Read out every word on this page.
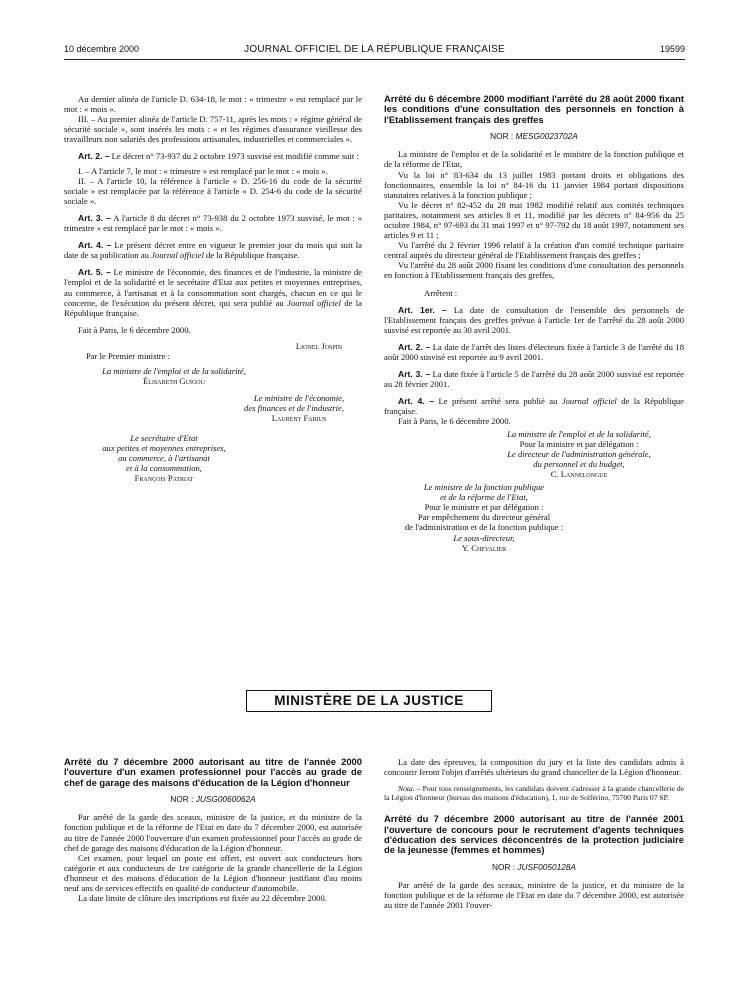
10 décembre 2000	JOURNAL OFFICIEL DE LA RÉPUBLIQUE FRANÇAISE	19599

Au dernier alinéa de l'article D. 634-18, le mot : « trimestre » est remplacé par le mot : « mois ».

III. – Au premier alinéa de l'article D. 757-11, après les mots : « régime général de sécurité sociale », sont insérés les mots : « et les régimes d'assurance vieillesse des travailleurs non salariés des professions artisanales, industrielles et commerciales ».

Art. 2. – Le décret n° 73-937 du 2 octobre 1973 susvisé est modifié comme suit :

I. – A l'article 7, le mot : « trimestre » est remplacé par le mot : « mois ».

II. – A l'article 10, la référence à l'article « D. 256-16 du code de la sécurité sociale » est remplacée par la référence à l'article « D. 254-6 du code de la sécurité sociale ».

Art. 3. – A l'article 8 du décret n° 73-938 du 2 octobre 1973 susvisé, le mot : « trimestre » est remplacé par le mot : « mois ».

Art. 4. – Le présent décret entre en vigueur le premier jour du mois qui suit la date de sa publication au Journal officiel de la République française.

Art. 5. – Le ministre de l'économie, des finances et de l'industrie, la ministre de l'emploi et de la solidarité et le secrétaire d'Etat aux petites et moyennes entreprises, au commerce, à l'artisanat et à la consommation sont chargés, chacun en ce qui le concerne, de l'exécution du présent décret, qui sera publié au Journal officiel de la République française.

Fait à Paris, le 6 décembre 2000.

Lionel Jospin
Par le Premier ministre :
La ministre de l'emploi et de la solidarité,
Élisabeth Guigou
Le ministre de l'économie,
des finances et de l'industrie,
Laurent Fabius
Le secrétaire d'Etat
aux petites et moyennes entreprises,
au commerce, à l'artisanat
et à la consommation,
François Patriat
Arrêté du 6 décembre 2000 modifiant l'arrêté du 28 août 2000 fixant les conditions d'une consultation des personnels en fonction à l'Etablissement français des greffes
NOR : MESG0023702A

La ministre de l'emploi et de la solidarité et le ministre de la fonction publique et de la réforme de l'Etat,

Vu la loi n° 83-634 du 13 juillet 1983 portant droits et obligations des fonctionnaires, ensemble la loi n° 84-16 du 11 janvier 1984 portant dispositions statutaires relatives à la fonction publique ;

Vu le décret n° 82-452 du 28 mai 1982 modifié relatif aux comités techniques paritaires, notamment ses articles 8 et 11, modifié par les décrets n° 84-956 du 25 octobre 1984, n° 97-693 du 31 mai 1997 et n° 97-792 du 18 août 1997, notamment ses articles 9 et 11 ;

Vu l'arrêté du 2 février 1996 relatif à la création d'un comité technique paritaire central auprès du directeur général de l'Etablissement français des greffes ;

Vu l'arrêté du 28 août 2000 fixant les conditions d'une consultation des personnels en fonction à l'Etablissement français des greffes,

Arrêtent :

Art. 1er. – La date de consultation de l'ensemble des personnels de l'Etablissement français des greffes prévue à l'article 1er de l'arrêté du 28 août 2000 susvisé est reportée au 30 avril 2001.

Art. 2. – La date de l'arrêt des listes d'électeurs fixée à l'article 3 de l'arrêté du 18 août 2000 susvisé est reportée au 9 avril 2001.

Art. 3. – La date fixée à l'article 5 de l'arrêté du 28 août 2000 susvisé est reportée au 28 février 2001.

Art. 4. – Le présent arrêté sera publié au Journal officiel de la République française.

Fait à Paris, le 6 décembre 2000.

La ministre de l'emploi et de la solidarité,
Pour la ministre et par délégation :
Le directeur de l'administration générale,
du personnel et du budget,
C. Lannelongue
Le ministre de la fonction publique
et de la réforme de l'Etat,
Pour le ministre et par délégation :
Par empêchement du directeur général
de l'administration et de la fonction publique :
Le sous-directeur,
Y. Chevalier
MINISTÈRE DE LA JUSTICE
Arrêté du 7 décembre 2000 autorisant au titre de l'année 2000 l'ouverture d'un examen professionnel pour l'accès au grade de chef de garage des maisons d'éducation de la Légion d'honneur
NOR : JUSG0060062A

Par arrêté de la garde des sceaux, ministre de la justice, et du ministre de la fonction publique et de la réforme de l'Etat en date du 7 décembre 2000, est autorisée au titre de l'année 2000 l'ouverture d'un examen professionnel pour l'accès au grade de chef de garage des maisons d'éducation de la Légion d'honneur.

Cet examen, pour lequel un poste est offert, est ouvert aux conducteurs hors catégorie et aux conducteurs de 1re catégorie de la grande chancellerie de la Légion d'honneur et des maisons d'éducation de la Légion d'honneur justifiant d'au moins neuf ans de services effectifs en qualité de conducteur d'automobile.

La date limite de clôture des inscriptions est fixée au 22 décembre 2000.

La date des épreuves, la composition du jury et la liste des candidats admis à concourir feront l'objet d'arrêtés ultérieurs du grand chancelier de la Légion d'honneur.

Nota. – Pour tous renseignements, les candidats doivent s'adresser à la grande chancellerie de la Légion d'honneur (bureau des maisons d'éducation), 1, rue de Solférino, 75700 Paris 07 SP.

Arrêté du 7 décembre 2000 autorisant au titre de l'année 2001 l'ouverture de concours pour le recrutement d'agents techniques d'éducation des services déconcentrés de la protection judiciaire de la jeunesse (femmes et hommes)
NOR : JUSF0050128A

Par arrêté de la garde des sceaux, ministre de la justice, et du ministre de la fonction publique et de la réforme de l'Etat en date du 7 décembre 2000, est autorisée au titre de l'année 2001 l'ouver-
